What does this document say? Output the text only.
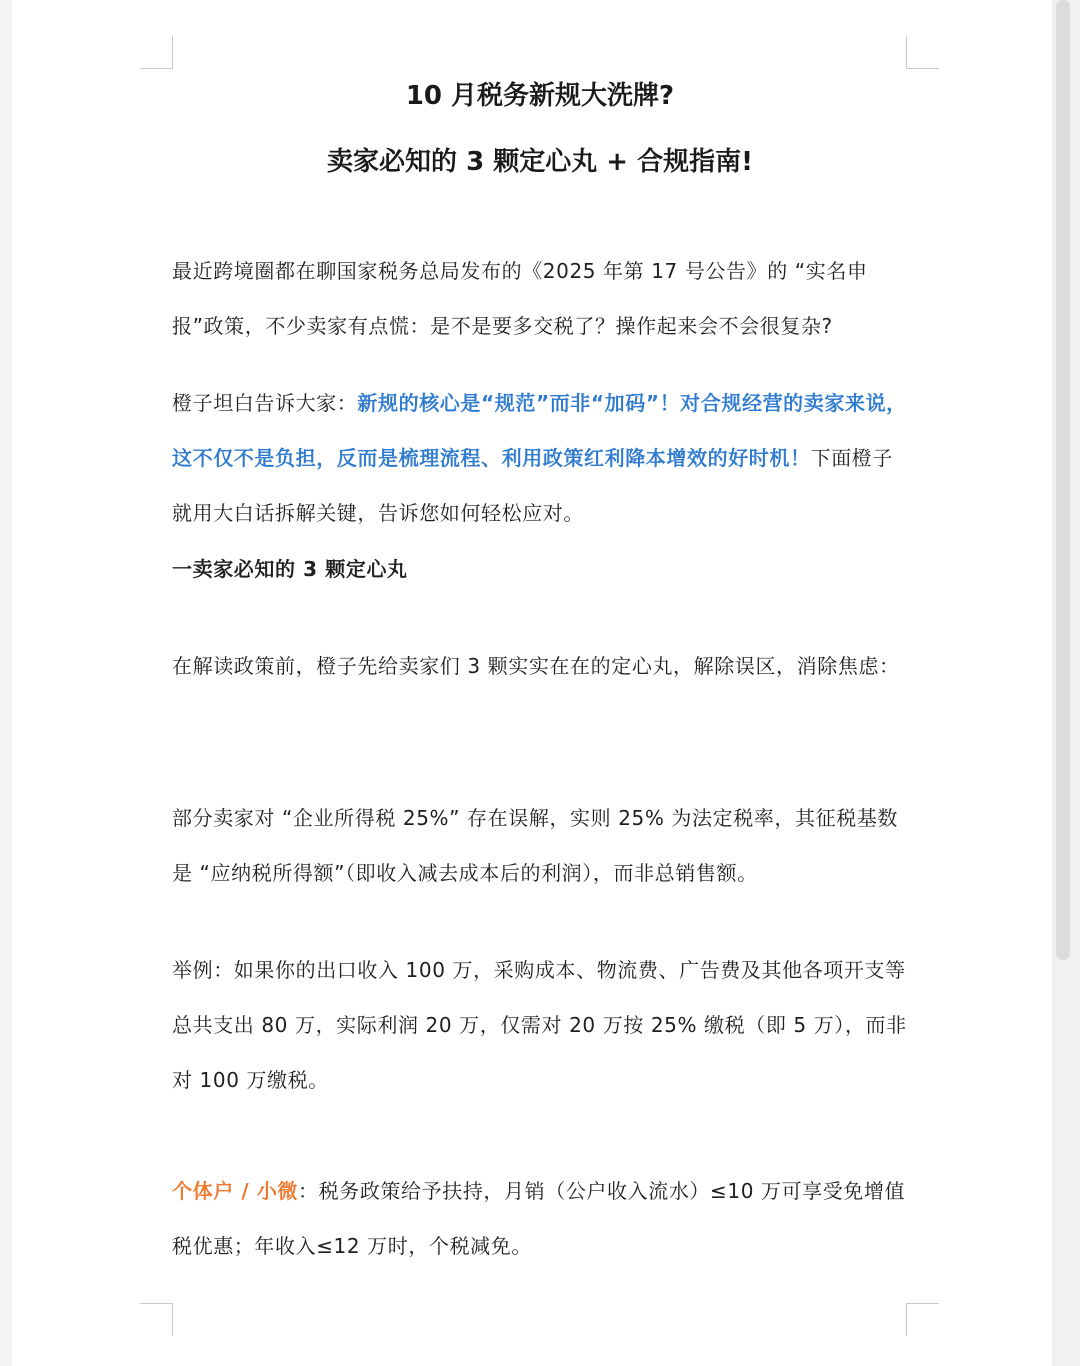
10 月税务新规大洗牌?
卖家必知的 3 颗定心丸 + 合规指南!

最近跨境圈都在聊国家税务总局发布的《2025 年第 17 号公告》的 “实名申报”政策，不少卖家有点慌：是不是要多交税了？操作起来会不会很复杂?

橙子坦白告诉大家：新规的核心是“规范”而非“加码”！对合规经营的卖家来说，这不仅不是负担，反而是梳理流程、利用政策红利降本增效的好时机！下面橙子就用大白话拆解关键，告诉您如何轻松应对。

一卖家必知的 3 颗定心丸

在解读政策前，橙子先给卖家们 3 颗实实在在的定心丸，解除误区，消除焦虑：

部分卖家对 “企业所得税 25%” 存在误解，实则 25% 为法定税率，其征税基数是 “应纳税所得额”（即收入减去成本后的利润），而非总销售额。

举例：如果你的出口收入 100 万，采购成本、物流费、广告费及其他各项开支等总共支出 80 万，实际利润 20 万，仅需对 20 万按 25% 缴税（即 5 万），而非对 100 万缴税。

个体户 / 小微：税务政策给予扶持，月销（公户收入流水）≤10 万可享受免增值税优惠；年收入≤12 万时，个税减免。
